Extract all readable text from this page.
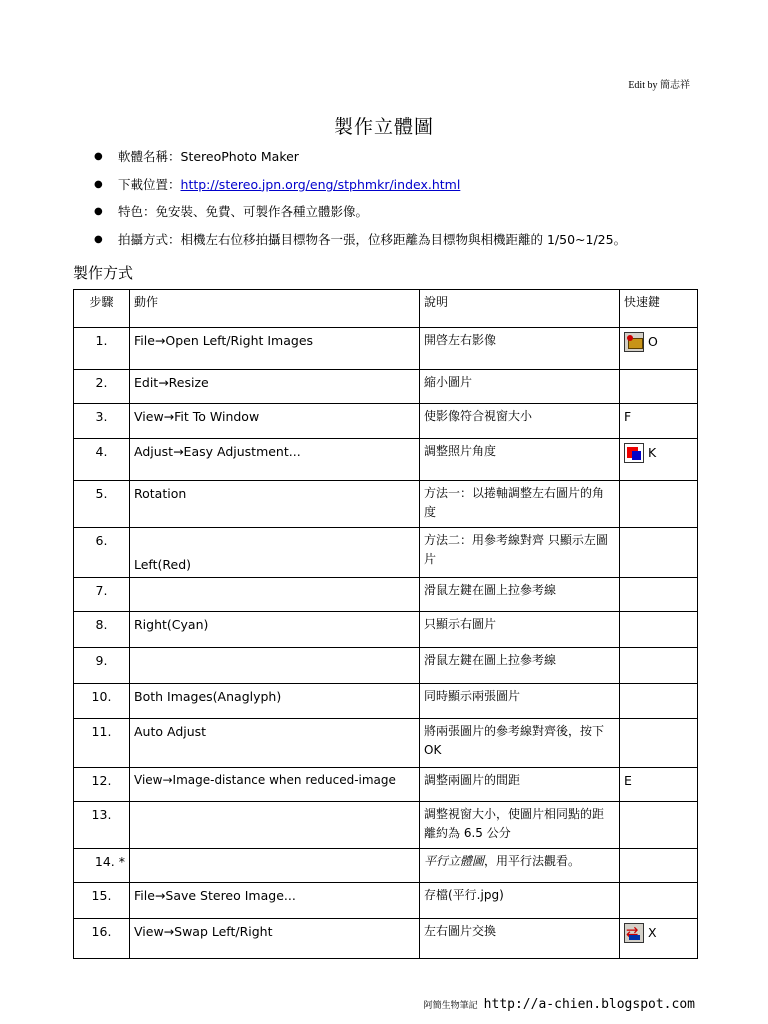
Edit by 簡志祥
製作立體圖
● 軟體名稱：StereoPhoto Maker
● 下載位置：http://stereo.jpn.org/eng/stphmkr/index.html
● 特色：免安裝、免費、可製作各種立體影像。
● 拍攝方式：相機左右位移拍攝目標物各一張，位移距離為目標物與相機距離的 1/50~1/25。
製作方式
步驟	動作	說明	快速鍵
1.	File→Open Left/Right Images	開啓左右影像	O
2.	Edit→Resize	縮小圖片	
3.	View→Fit To Window	使影像符合視窗大小	F
4.	Adjust→Easy Adjustment...	調整照片角度	K
5.	Rotation	方法一：以捲軸調整左右圖片的角度	
6.	Left(Red)	方法二：用參考線對齊 只顯示左圖片	
7.		滑鼠左鍵在圖上拉參考線	
8.	Right(Cyan)	只顯示右圖片	
9.		滑鼠左鍵在圖上拉參考線	
10.	Both Images(Anaglyph)	同時顯示兩張圖片	
11.	Auto Adjust	將兩張圖片的參考線對齊後，按下 OK	
12.	View→Image-distance when reduced-image	調整兩圖片的間距	E
13.		調整視窗大小，使圖片相同點的距離約為 6.5 公分	
14. *		平行立體圖，用平行法觀看。	
15.	File→Save Stereo Image...	存檔(平行.jpg)	
16.	View→Swap Left/Right	左右圖片交換	⇄X
阿簡生物筆記 http://a-chien.blogspot.com
